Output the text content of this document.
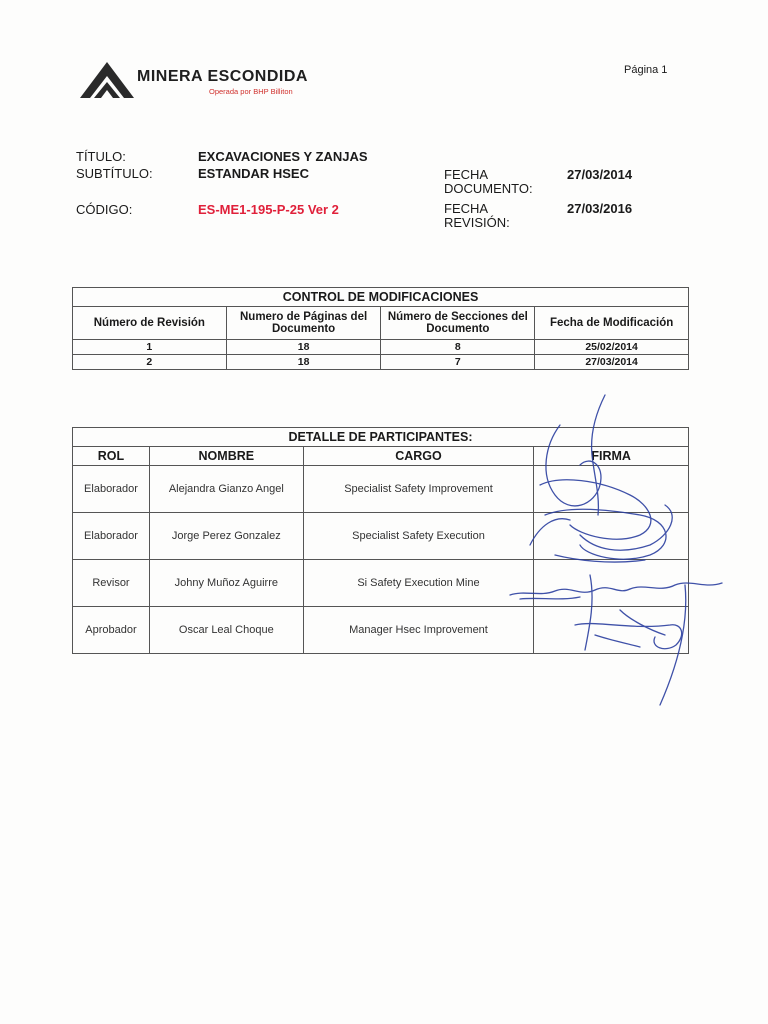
MINERA ESCONDIDA
Operada por BHP Billiton
Página 1
TÍTULO:	EXCAVACIONES Y ZANJAS
SUBTÍTULO:	ESTANDAR HSEC
CÓDIGO:	ES-ME1-195-P-25 Ver 2
FECHA
DOCUMENTO:
27/03/2014
FECHA
REVISIÓN:
27/03/2016
CONTROL DE MODIFICACIONES			
Número de Revisión	Numero de Páginas del Documento	Número de Secciones del Documento	Fecha de Modificación
1	18	8	25/02/2014
2	18	7	27/03/2014
DETALLE DE PARTICIPANTES:			
ROL	NOMBRE	CARGO	FIRMA
Elaborador	Alejandra Gianzo Angel	Specialist Safety Improvement	
Elaborador	Jorge Perez Gonzalez	Specialist Safety Execution	
Revisor	Johny Muñoz Aguirre	Si Safety Execution Mine	
Aprobador	Oscar Leal Choque	Manager Hsec Improvement	
